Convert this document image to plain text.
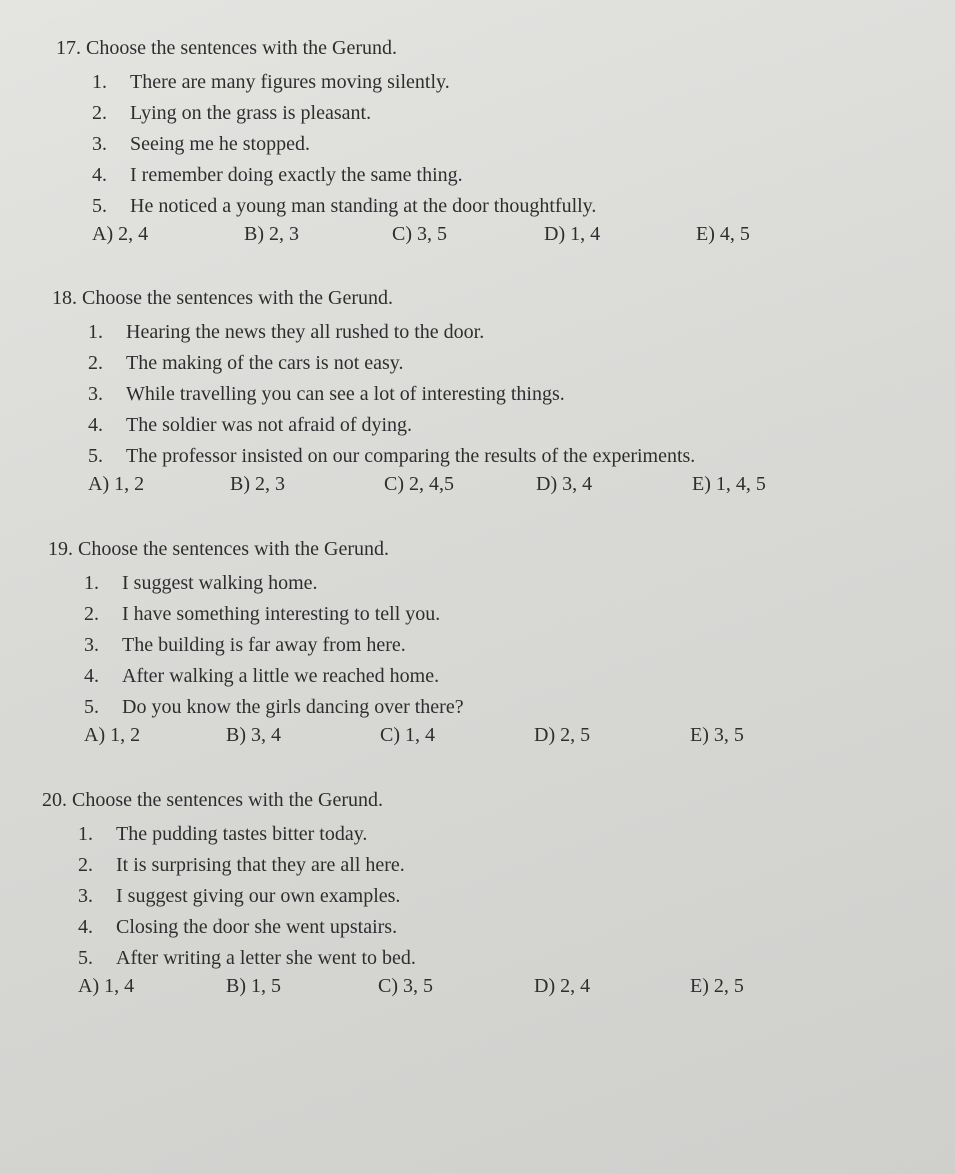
17. Choose the sentences with the Gerund.
1.	There are many figures moving silently.
2.	Lying on the grass is pleasant.
3.	Seeing me he stopped.
4.	I remember doing exactly the same thing.
5.	He noticed a young man standing at the door thoughtfully.
A) 2, 4	B) 2, 3	C) 3, 5	D) 1, 4	E) 4, 5
18. Choose the sentences with the Gerund.
1.	Hearing the news they all rushed to the door.
2.	The making of the cars is not easy.
3.	While travelling you can see a lot of interesting things.
4.	The soldier was not afraid of dying.
5.	The professor insisted on our comparing the results of the experiments.
A) 1, 2	B) 2, 3	C) 2, 4,5	D) 3, 4	E) 1, 4, 5
19. Choose the sentences with the Gerund.
1.	I suggest walking home.
2.	I have something interesting to tell you.
3.	The building is far away from here.
4.	After walking a little we reached home.
5.	Do you know the girls dancing over there?
A) 1, 2	B) 3, 4	C) 1, 4	D) 2, 5	E) 3, 5
20. Choose the sentences with the Gerund.
1.	The pudding tastes bitter today.
2.	It is surprising that they are all here.
3.	I suggest giving our own examples.
4.	Closing the door she went upstairs.
5.	After writing a letter she went to bed.
A) 1, 4	B) 1, 5	C) 3, 5	D) 2, 4	E) 2, 5
